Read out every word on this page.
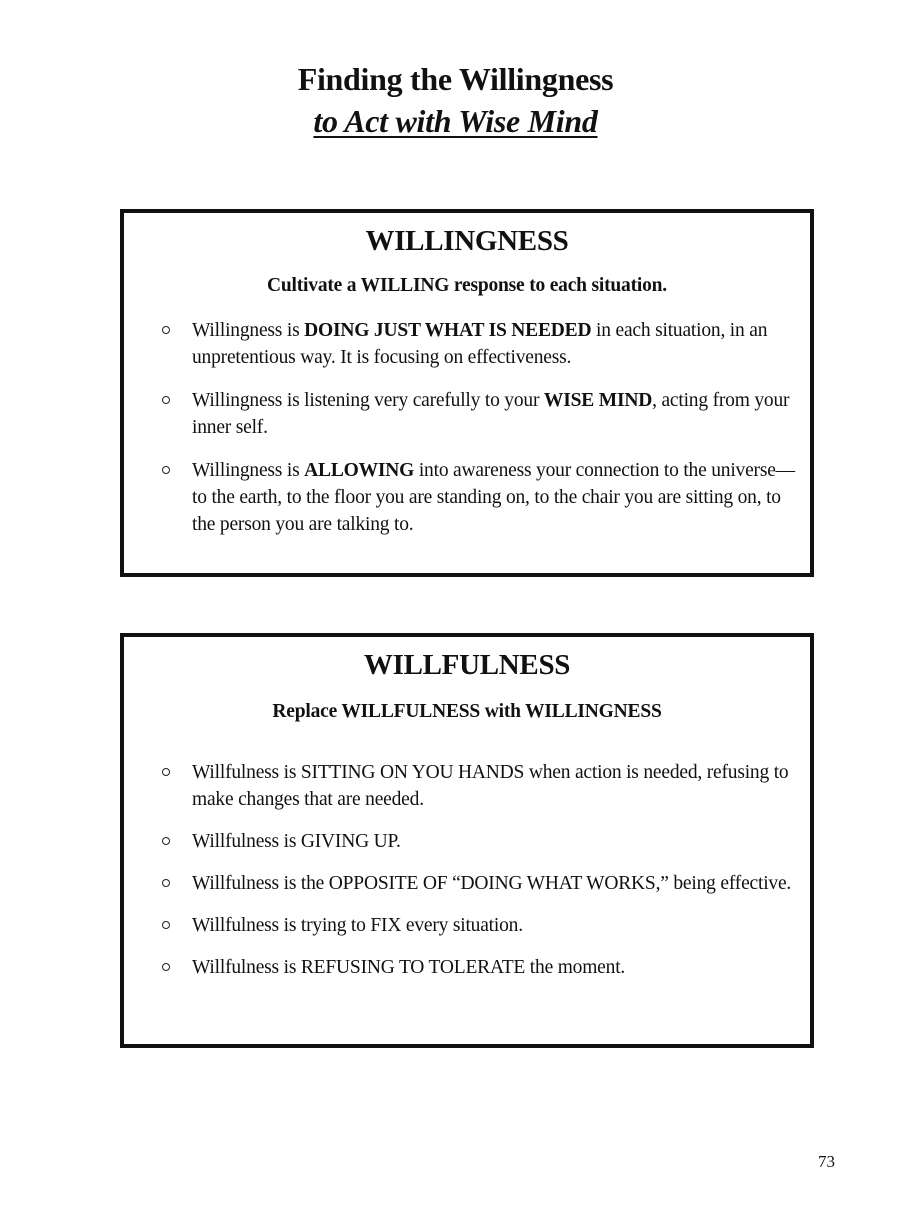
Finding the Willingness
to Act with Wise Mind
WILLINGNESS
Cultivate a WILLING response to each situation.
Willingness is DOING JUST WHAT IS NEEDED in each situation, in an unpretentious way. It is focusing on effectiveness.
Willingness is listening very carefully to your WISE MIND, acting from your inner self.
Willingness is ALLOWING into awareness your connection to the universe—to the earth, to the floor you are standing on, to the chair you are sitting on, to the person you are talking to.
WILLFULNESS
Replace WILLFULNESS with WILLINGNESS
Willfulness is SITTING ON YOU HANDS when action is needed, refusing to make changes that are needed.
Willfulness is GIVING UP.
Willfulness is the OPPOSITE OF “DOING WHAT WORKS,” being effective.
Willfulness is trying to FIX every situation.
Willfulness is REFUSING TO TOLERATE the moment.
73
